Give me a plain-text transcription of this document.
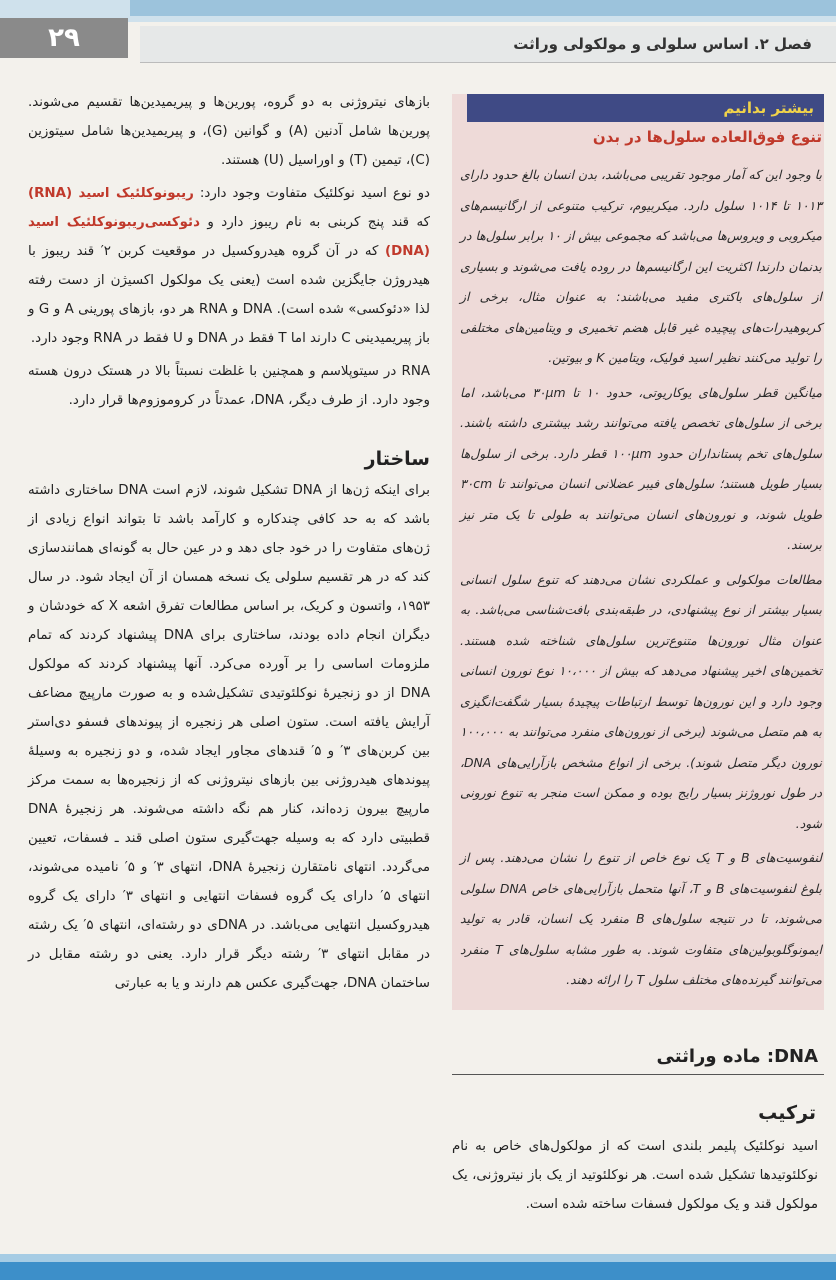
۲۹	فصل ۲. اساس سلولی و مولکولی وراثت

بازهای نیتروژنی به دو گروه، پورین‌ها و پیریمیدین‌ها تقسیم می‌شوند. پورین‌ها شامل آدنین (A) و گوانین (G)، و پیریمیدین‌ها شامل سیتوزین (C)، تیمین (T) و اوراسیل (U) هستند.

دو نوع اسید نوکلئیک متفاوت وجود دارد: ریبونوکلئیک اسید (RNA) که قند پنج کربنی به نام ریبوز دارد و دئوکسی‌ریبونوکلئیک اسید (DNA) که در آن گروه هیدروکسیل در موقعیت کربن ۲′ قند ریبوز با هیدروژن جایگزین شده است (یعنی یک مولکول اکسیژن از دست رفته لذا «دئوکسی» شده است). DNA و RNA هر دو، بازهای پورینی A و G و باز پیریمیدینی C دارند اما T فقط در DNA و U فقط در RNA وجود دارد.

RNA در سیتوپلاسم و همچنین با غلظت نسبتاً بالا در هستک درون هسته وجود دارد. از طرف دیگر، DNA، عمدتاً در کروموزوم‌ها قرار دارد.

ساختار

برای اینکه ژن‌ها از DNA تشکیل شوند، لازم است DNA ساختاری داشته باشد که به حد کافی چندکاره و کارآمد باشد تا بتواند انواع زیادی از ژن‌های متفاوت را در خود جای دهد و در عین حال به گونه‌ای همانندسازی کند که در هر تقسیم سلولی یک نسخه همسان از آن ایجاد شود. در سال ۱۹۵۳، واتسون و کریک، بر اساس مطالعات تفرق اشعه X که خودشان و دیگران انجام داده بودند، ساختاری برای DNA پیشنهاد کردند که تمام ملزومات اساسی را بر آورده می‌کرد. آنها پیشنهاد کردند که مولکول DNA از دو زنجیرهٔ نوکلئوتیدی تشکیل‌شده و به صورت مارپیچ مضاعف آرایش یافته است. ستون اصلی هر زنجیره از پیوندهای فسفو دی‌استر بین کربن‌های ۳′ و ۵′ قندهای مجاور ایجاد شده، و دو زنجیره به وسیلهٔ پیوندهای هیدروژنی بین بازهای نیتروژنی که از زنجیره‌ها به سمت مرکز مارپیچ بیرون زده‌اند، کنار هم نگه داشته می‌شوند. هر زنجیرهٔ DNA قطبیتی دارد که به وسیله جهت‌گیری ستون اصلی قند ـ فسفات، تعیین می‌گردد. انتهای نامتقارن زنجیرهٔ DNA، انتهای ۳′ و ۵′ نامیده می‌شوند، انتهای ۵′ دارای یک گروه فسفات انتهایی و انتهای ۳′ دارای یک گروه هیدروکسیل انتهایی می‌باشد. در DNAی دو رشته‌ای، انتهای ۵′ یک رشته در مقابل انتهای ۳′ رشته دیگر قرار دارد. یعنی دو رشته مقابل در ساختمان DNA، جهت‌گیری عکس هم دارند و یا به عبارتی

بیشتر بدانیم
تنوع فوق‌العاده سلول‌ها در بدن

با وجود این که آمار موجود تقریبی می‌باشد، بدن انسان بالغ حدود دارای ۱۰۱۳ تا ۱۰۱۴ سلول دارد. میکربیوم، ترکیب متنوعی از ارگانیسم‌های میکروبی و ویروس‌ها می‌باشد که مجموعی بیش از ۱۰ برابر سلول‌ها در بدنمان دارندا اکثریت این ارگانیسم‌ها در روده یافت می‌شوند و بسیاری از سلول‌های باکتری مفید می‌باشند: به عنوان مثال، برخی از کربوهیدرات‌های پیچیده غیر قابل هضم تخمیری و ویتامین‌های مختلفی را تولید می‌کنند نظیر اسید فولیک، ویتامین K و بیوتین.

میانگین قطر سلول‌های یوکاریوتی، حدود ۱۰ تا ۳۰μm می‌باشد، اما برخی از سلول‌های تخصص یافته می‌توانند رشد بیشتری داشته باشند. سلول‌های تخم پستانداران حدود ۱۰۰μm قطر دارد. برخی از سلول‌ها بسیار طویل هستند؛ سلول‌های فیبر عضلانی انسان می‌توانند تا ۳۰cm طویل شوند، و نورون‌های انسان می‌توانند به طولی تا یک متر نیز برسند.

مطالعات مولکولی و عملکردی نشان می‌دهند که تنوع سلول انسانی بسیار بیشتر از نوع پیشنهادی، در طبقه‌بندی بافت‌شناسی می‌باشد. به عنوان مثال نورون‌ها متنوع‌ترین سلول‌های شناخته شده هستند. تخمین‌های اخیر پیشنهاد می‌دهد که بیش از ۱۰،۰۰۰ نوع نورون انسانی وجود دارد و این نورون‌ها توسط ارتباطات پیچیدهٔ بسیار شگفت‌انگیزی به هم متصل می‌شوند (برخی از نورون‌های منفرد می‌توانند به ۱۰۰،۰۰۰ نورون دیگر متصل شوند). برخی از انواع مشخص بازآرایی‌های DNA، در طول نوروژنز بسیار رایج بوده و ممکن است منجر به تنوع نورونی شود.

لنفوسیت‌های B و T یک نوع خاص از تنوع را نشان می‌دهند. پس از بلوغ لنفوسیت‌های B و T، آنها متحمل بازآرایی‌های خاص DNA سلولی می‌شوند، تا در نتیجه سلول‌های B منفرد یک انسان، قادر به تولید ایمونوگلوبولین‌های متفاوت شوند. به طور مشابه سلول‌های T منفرد می‌توانند گیرنده‌های مختلف سلول T را ارائه دهند.

DNA: ماده وراثتی
ترکیب
اسید نوکلئیک پلیمر بلندی است که از مولکول‌های خاص به نام نوکلئوتیدها تشکیل شده است. هر نوکلئوتید از یک باز نیتروژنی، یک مولکول قند و یک مولکول فسفات ساخته شده است.
